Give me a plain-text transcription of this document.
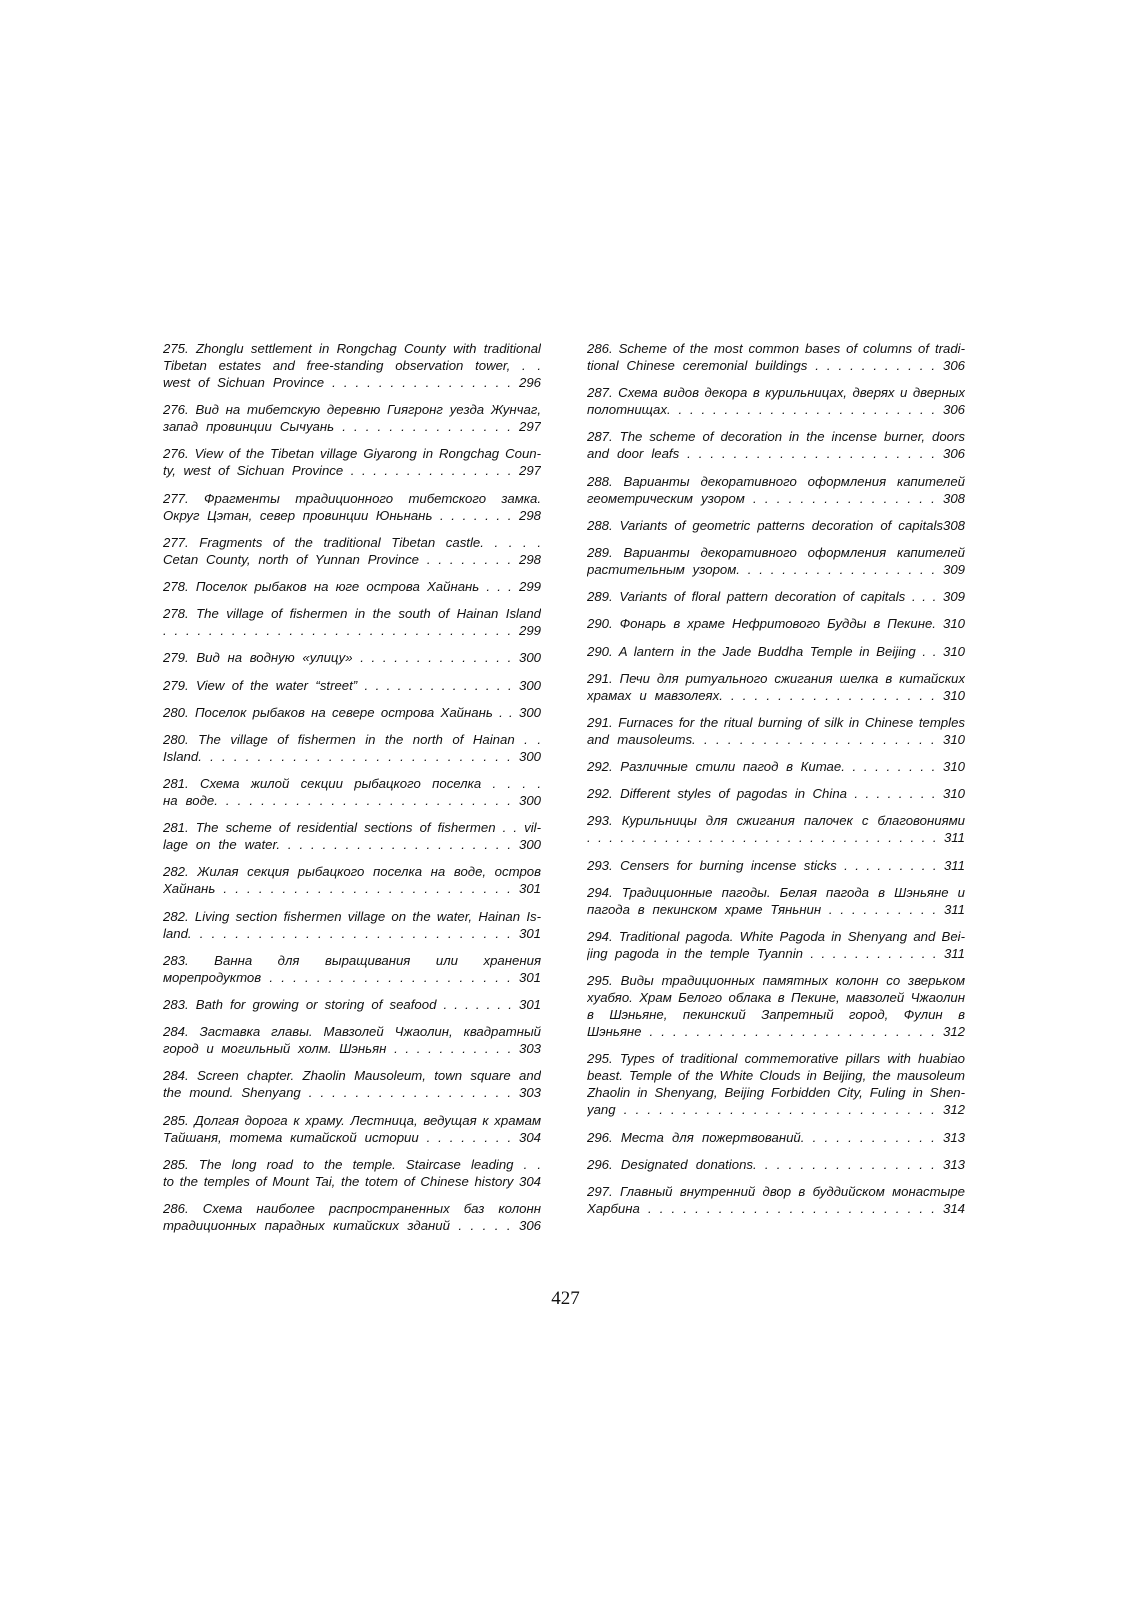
275. Zhonglu settlement in Rongchag County with traditional
Tibetan estates and free-standing observation tower, . .
west of Sichuan Province . . . . . . . . . . . . . . . . 296
276. Вид на тибетскую деревню Гиягронг уезда Жунчаг,
запад провинции Сычуань . . . . . . . . . . . . . . . 297
276. View of the Tibetan village Giyarong in Rongchag Coun-
ty, west of Sichuan Province . . . . . . . . . . . . . . . 297
277. Фрагменты традиционного тибетского замка.
Округ Цэтан, север провинции Юньнань . . . . . . . 298
277. Fragments of the traditional Tibetan castle. . . . .
Cetan County, north of Yunnan Province . . . . . . . . 298
278. Поселок рыбаков на юге острова Хайнань . . . 299
278. The village of fishermen in the south of Hainan Island
. . . . . . . . . . . . . . . . . . . . . . . . . . . . . . . 299
279. Вид на водную «улицу» . . . . . . . . . . . . . . 300
279. View of the water “street” . . . . . . . . . . . . . . 300
280. Поселок рыбаков на севере острова Хайнань . . 300
280. The village of fishermen in the north of Hainan . .
Island. . . . . . . . . . . . . . . . . . . . . . . . . . . 300
281. Схема жилой секции рыбацкого поселка . . . .
на воде. . . . . . . . . . . . . . . . . . . . . . . . . . 300
281. The scheme of residential sections of fishermen . . vil-
lage on the water. . . . . . . . . . . . . . . . . . . . . 300
282. Жилая секция рыбацкого поселка на воде, остров
Хайнань . . . . . . . . . . . . . . . . . . . . . . . . . 301
282. Living section fishermen village on the water, Hainan Is-
land. . . . . . . . . . . . . . . . . . . . . . . . . . . . 301
283. Ванна для выращивания или хранения
морепродуктов . . . . . . . . . . . . . . . . . . . . . 301
283. Bath for growing or storing of seafood . . . . . . . 301
284. Заставка главы. Мавзолей Чжаолин, квадратный
город и могильный холм. Шэньян . . . . . . . . . . . 303
284. Screen chapter. Zhaolin Mausoleum, town square and
the mound. Shenyang . . . . . . . . . . . . . . . . . . 303
285. Долгая дорога к храму. Лестница, ведущая к храмам
Тайшаня, тотема китайской истории . . . . . . . . 304
285. The long road to the temple. Staircase leading . .
to the temples of Mount Tai, the totem of Chinese history 304
286. Схема наиболее распространенных баз колонн
традиционных парадных китайских зданий . . . . . 306
286. Scheme of the most common bases of columns of tradi-
tional Chinese ceremonial buildings . . . . . . . . . . . 306
287. Схема видов декора в курильницах, дверях и дверных
полотнищах. . . . . . . . . . . . . . . . . . . . . . . . 306
287. The scheme of decoration in the incense burner, doors
and door leafs . . . . . . . . . . . . . . . . . . . . . . 306
288. Варианты декоративного оформления капителей
геометрическим узором . . . . . . . . . . . . . . . . 308
288. Variants of geometric patterns decoration of capitals308
289. Варианты декоративного оформления капителей
растительным узором. . . . . . . . . . . . . . . . . . 309
289. Variants of floral pattern decoration of capitals . . . 309
290. Фонарь в храме Нефритового Будды в Пекине. 310
290. A lantern in the Jade Buddha Temple in Beijing . . 310
291. Печи для ритуального сжигания шелка в китайских
храмах и мавзолеях. . . . . . . . . . . . . . . . . . . 310
291. Furnaces for the ritual burning of silk in Chinese temples
and mausoleums. . . . . . . . . . . . . . . . . . . . . 310
292. Различные стили пагод в Китае. . . . . . . . . 310
292. Different styles of pagodas in China . . . . . . . . 310
293. Курильницы для сжигания палочек с благовониями
. . . . . . . . . . . . . . . . . . . . . . . . . . . . . . . . 311
293. Censers for burning incense sticks . . . . . . . . . 311
294. Традиционные пагоды. Белая пагода в Шэньяне и
пагода в пекинском храме Тяньнин . . . . . . . . . . 311
294. Traditional pagoda. White Pagoda in Shenyang and Bei-
jing pagoda in the temple Tyannin . . . . . . . . . . . . 311
295. Виды традиционных памятных колонн со зверьком
хуабяо. Храм Белого облака в Пекине, мавзолей Чжаолин
в Шэньяне, пекинский Запретный город, Фулин в
Шэньяне . . . . . . . . . . . . . . . . . . . . . . . . . 312
295. Types of traditional commemorative pillars with huabiao
beast. Temple of the White Clouds in Beijing, the mausoleum
Zhaolin in Shenyang, Beijing Forbidden City, Fuling in Shen-
yang . . . . . . . . . . . . . . . . . . . . . . . . . . . 312
296. Места для пожертвований. . . . . . . . . . . . 313
296. Designated donations. . . . . . . . . . . . . . . . 313
297. Главный внутренний двор в буддийском монастыре
Харбина . . . . . . . . . . . . . . . . . . . . . . . . . 314
427
